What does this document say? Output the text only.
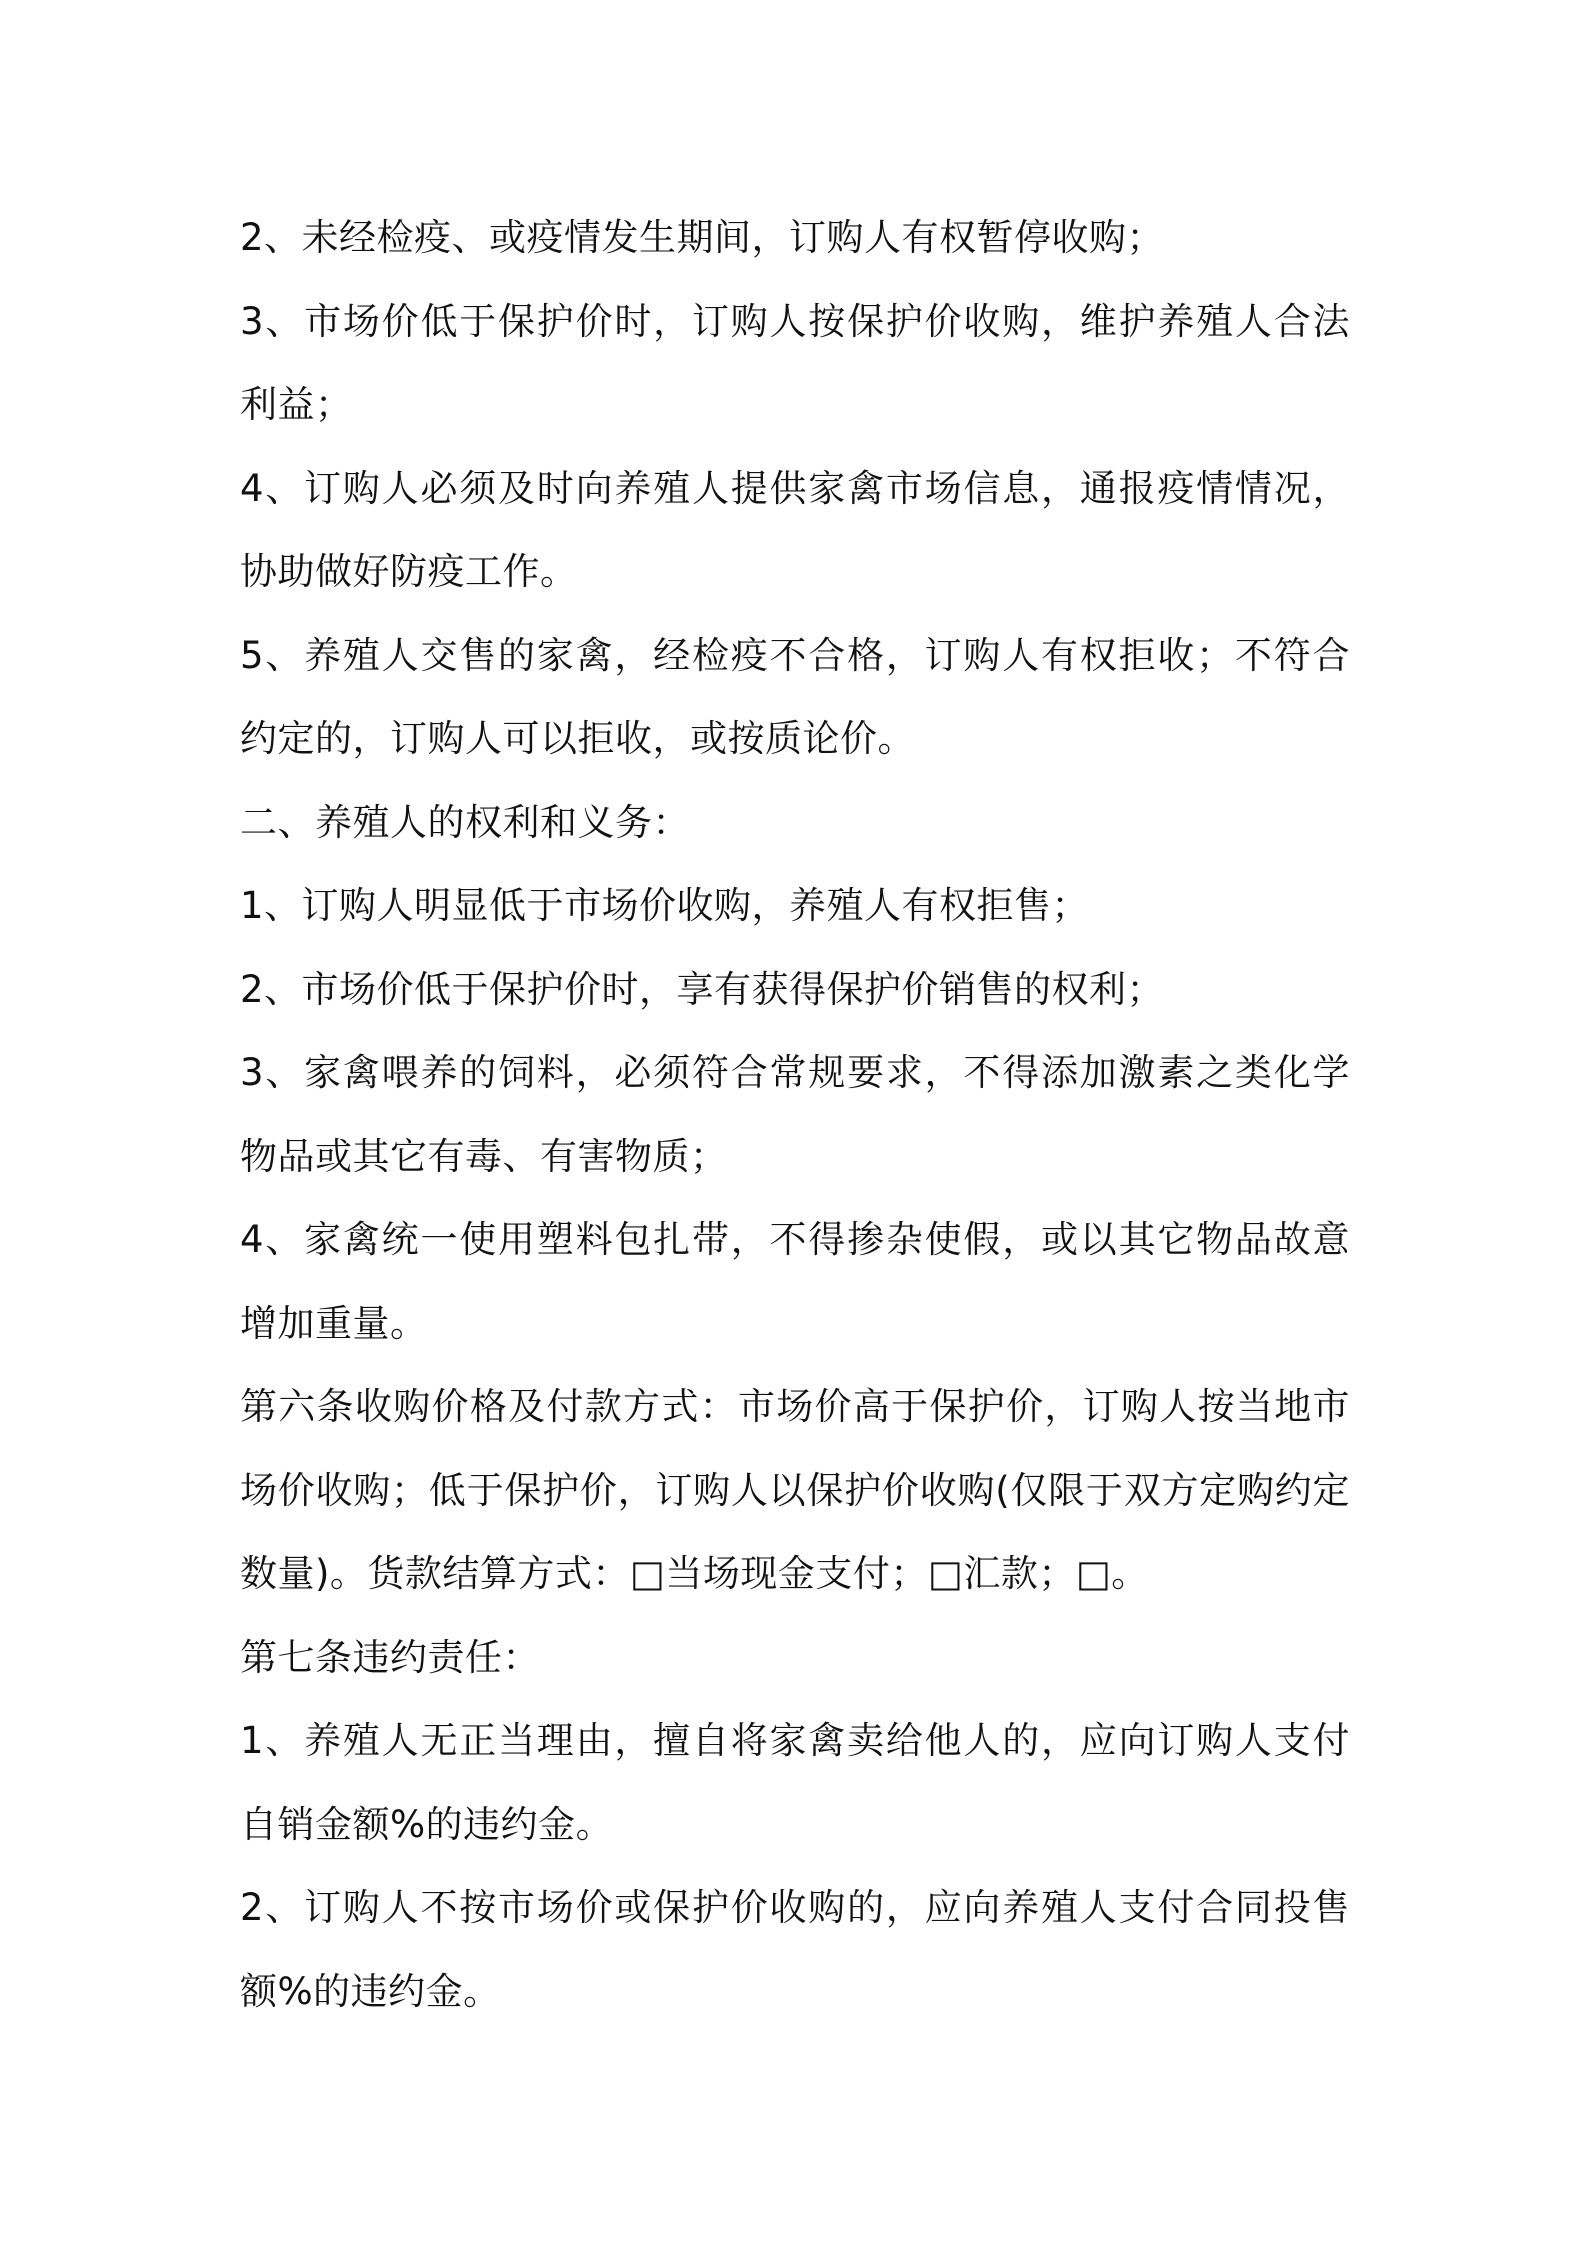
2、未经检疫、或疫情发生期间，订购人有权暂停收购；

3、市场价低于保护价时，订购人按保护价收购，维护养殖人合法利益；

4、订购人必须及时向养殖人提供家禽市场信息，通报疫情情况，协助做好防疫工作。

5、养殖人交售的家禽，经检疫不合格，订购人有权拒收；不符合约定的，订购人可以拒收，或按质论价。

二、养殖人的权利和义务：

1、订购人明显低于市场价收购，养殖人有权拒售；

2、市场价低于保护价时，享有获得保护价销售的权利；

3、家禽喂养的饲料，必须符合常规要求，不得添加激素之类化学物品或其它有毒、有害物质；

4、家禽统一使用塑料包扎带，不得掺杂使假，或以其它物品故意增加重量。

第六条收购价格及付款方式：市场价高于保护价，订购人按当地市场价收购；低于保护价，订购人以保护价收购(仅限于双方定购约定数量)。货款结算方式：□当场现金支付；□汇款；□。

第七条违约责任：

1、养殖人无正当理由，擅自将家禽卖给他人的，应向订购人支付自销金额%的违约金。

2、订购人不按市场价或保护价收购的，应向养殖人支付合同投售额%的违约金。
